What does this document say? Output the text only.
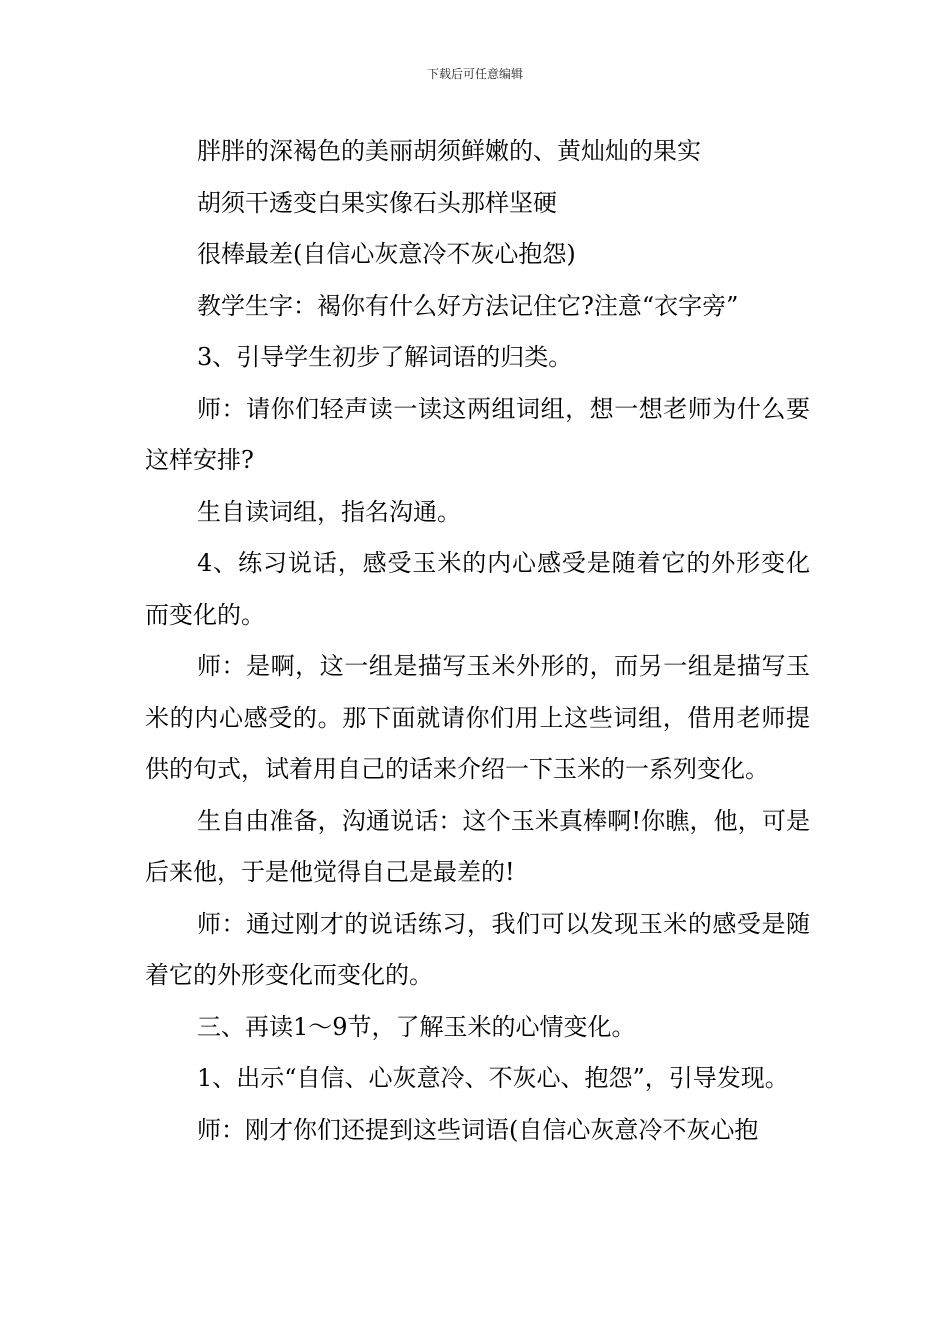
下载后可任意编辑

胖胖的深褐色的美丽胡须鲜嫩的、黄灿灿的果实

胡须干透变白果实像石头那样坚硬

很棒最差(自信心灰意冷不灰心抱怨)

教学生字：褐你有什么好方法记住它?注意“衣字旁”

3、引导学生初步了解词语的归类。

师：请你们轻声读一读这两组词组，想一想老师为什么要这样安排?

生自读词组，指名沟通。

4、练习说话，感受玉米的内心感受是随着它的外形变化而变化的。

师：是啊，这一组是描写玉米外形的，而另一组是描写玉米的内心感受的。那下面就请你们用上这些词组，借用老师提供的句式，试着用自己的话来介绍一下玉米的一系列变化。

生自由准备，沟通说话：这个玉米真棒啊!你瞧，他，可是后来他，于是他觉得自己是最差的!

师：通过刚才的说话练习，我们可以发现玉米的感受是随着它的外形变化而变化的。

三、再读1～9节，了解玉米的心情变化。

1、出示“自信、心灰意冷、不灰心、抱怨”，引导发现。

师：刚才你们还提到这些词语(自信心灰意冷不灰心抱
